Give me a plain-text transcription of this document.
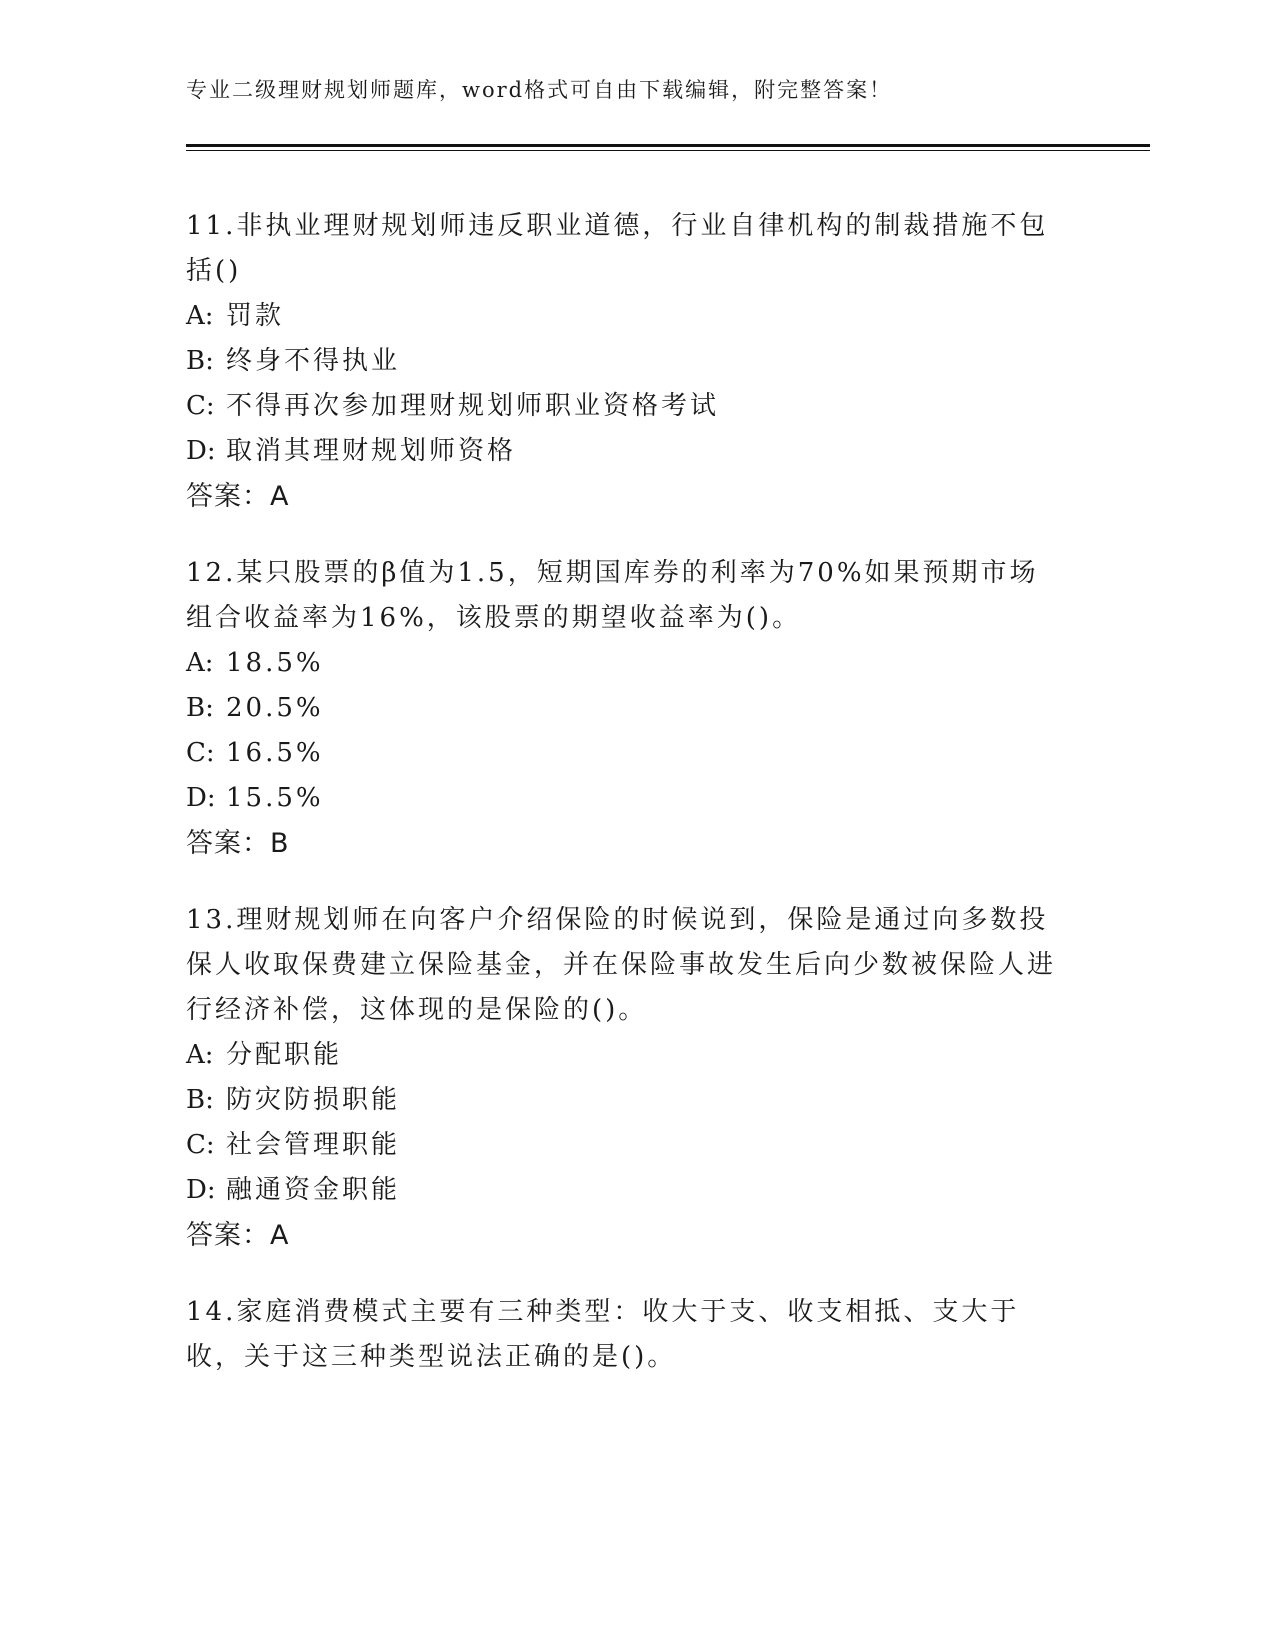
专业二级理财规划师题库，word格式可自由下载编辑，附完整答案！

11.非执业理财规划师违反职业道德，行业自律机构的制裁措施不包括()

A: 罚款

B: 终身不得执业

C: 不得再次参加理财规划师职业资格考试

D: 取消其理财规划师资格

答案：A

12.某只股票的β值为1.5，短期国库券的利率为70%如果预期市场组合收益率为16%，该股票的期望收益率为()。

A: 18.5%

B: 20.5%

C: 16.5%

D: 15.5%

答案：B

13.理财规划师在向客户介绍保险的时候说到，保险是通过向多数投保人收取保费建立保险基金，并在保险事故发生后向少数被保险人进行经济补偿，这体现的是保险的()。

A: 分配职能

B: 防灾防损职能

C: 社会管理职能

D: 融通资金职能

答案：A

14.家庭消费模式主要有三种类型：收大于支、收支相抵、支大于收，关于这三种类型说法正确的是()。
